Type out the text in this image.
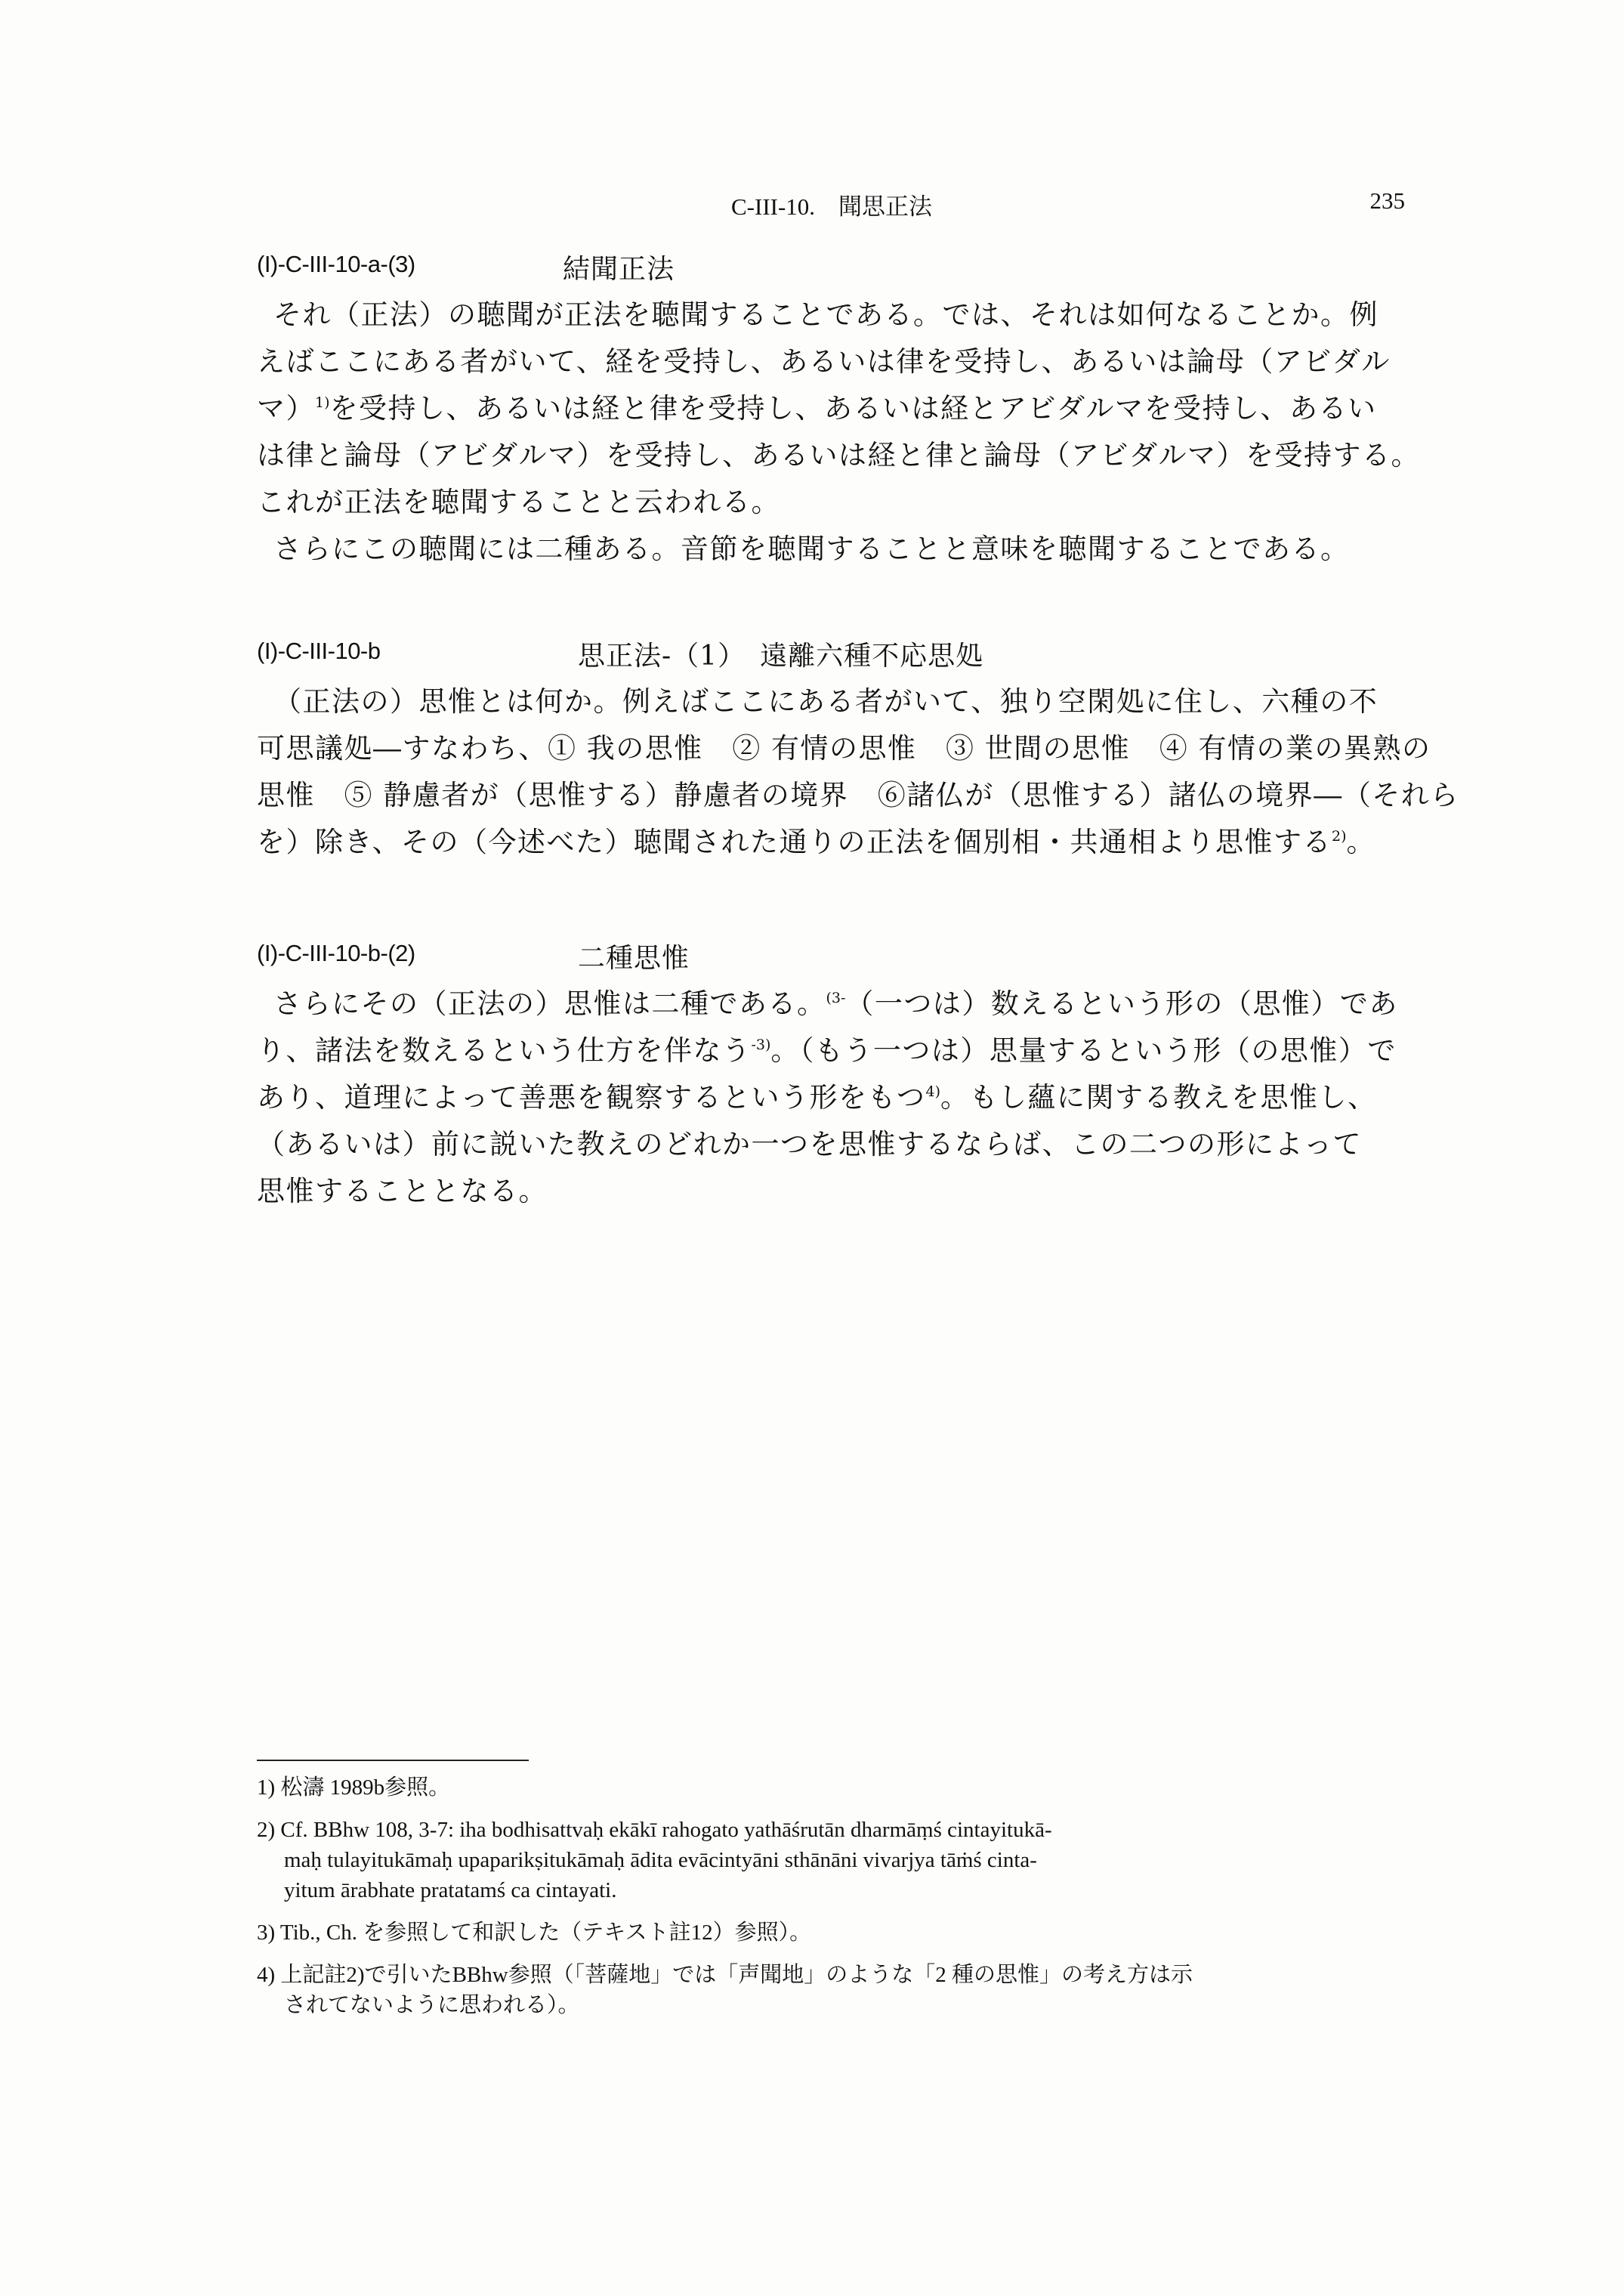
C-III-10.　聞思正法	235
(I)-C-III-10-a-(3)	結聞正法
それ（正法）の聴聞が正法を聴聞することである。では、それは如何なることか。例
えばここにある者がいて、経を受持し、あるいは律を受持し、あるいは論母（アビダル
マ）$^{1)}$を受持し、あるいは経と律を受持し、あるいは経とアビダルマを受持し、あるい
は律と論母（アビダルマ）を受持し、あるいは経と律と論母（アビダルマ）を受持する。
これが正法を聴聞することと云われる。
さらにこの聴聞には二種ある。音節を聴聞することと意味を聴聞することである。
(I)-C-III-10-b	思正法-（1）　遠離六種不応思処
（正法の）思惟とは何か。例えばここにある者がいて、独り空閑処に住し、六種の不
可思議処―すなわち、① 我の思惟　② 有情の思惟　③ 世間の思惟　④ 有情の業の異熟の
思惟　⑤ 静慮者が（思惟する）静慮者の境界　⑥諸仏が（思惟する）諸仏の境界―（それら
を）除き、その（今述べた）聴聞された通りの正法を個別相・共通相より思惟する$^{2)}$。
(I)-C-III-10-b-(2)	二種思惟
さらにその（正法の）思惟は二種である。$^{(3-}$（一つは）数えるという形の（思惟）であ
り、諸法を数えるという仕方を伴なう$^{-3)}$。（もう一つは）思量するという形（の思惟）で
あり、道理によって善悪を観察するという形をもつ$^{4)}$。もし蘊に関する教えを思惟し、
（あるいは）前に説いた教えのどれか一つを思惟するならば、この二つの形によって
思惟することとなる。
1) 松濤 1989b参照。
2) Cf. BBhw 108, 3-7: iha bodhisattvaḥ ekākī rahogato yathāśrutān dharmāṃś cintayitukā-
maḥ tulayitukāmaḥ upaparikṣitukāmaḥ ādita evācintyāni sthānāni vivarjya tāṁś cinta-
yitum ārabhate pratatamś ca cintayati.
3) Tib., Ch. を参照して和訳した（テキスト註12）参照）。
4) 上記註2)で引いたBBhw参照（「菩薩地」では「声聞地」のような「2 種の思惟」の考え方は示
されてないように思われる）。
